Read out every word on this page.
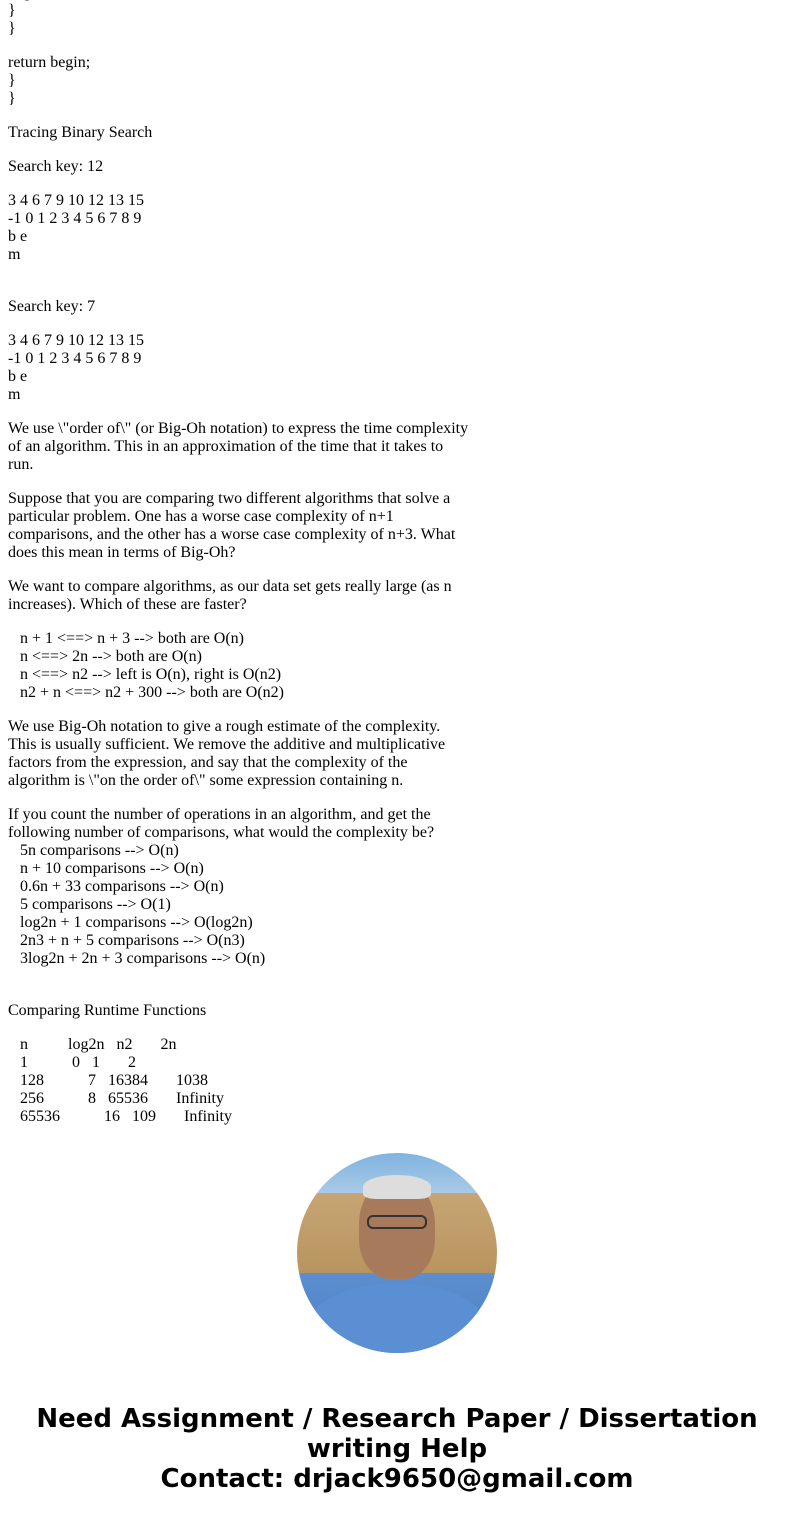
}
}
return begin;
}
}
Tracing Binary Search
Search key: 12
3 4 6 7 9 10 12 13 15
-1 0 1 2 3 4 5 6 7 8 9
b e
m
Search key: 7
3 4 6 7 9 10 12 13 15
-1 0 1 2 3 4 5 6 7 8 9
b e
m
We use \"order of\" (or Big-Oh notation) to express the time complexity
of an algorithm. This in an approximation of the time that it takes to
run.
Suppose that you are comparing two different algorithms that solve a
particular problem. One has a worse case complexity of n+1
comparisons, and the other has a worse case complexity of n+3. What
does this mean in terms of Big-Oh?
We want to compare algorithms, as our data set gets really large (as n
increases). Which of these are faster?
n + 1 <==> n + 3 --> both are O(n)
n <==> 2n --> both are O(n)
n <==> n2 --> left is O(n), right is O(n2)
n2 + n <==> n2 + 300 --> both are O(n2)
We use Big-Oh notation to give a rough estimate of the complexity.
This is usually sufficient. We remove the additive and multiplicative
factors from the expression, and say that the complexity of the
algorithm is \"on the order of\" some expression containing n.
If you count the number of operations in an algorithm, and get the
following number of comparisons, what would the complexity be?
5n comparisons --> O(n)
n + 10 comparisons --> O(n)
0.6n + 33 comparisons --> O(n)
5 comparisons --> O(1)
log2n + 1 comparisons --> O(log2n)
2n3 + n + 5 comparisons --> O(n3)
3log2n + 2n + 3 comparisons --> O(n)
Comparing Runtime Functions
n          log2n   n2       2n
1           0   1       2
128           7   16384       1038
256           8   65536       Infinity
65536           16   109       Infinity
Need Assignment / Research Paper / Dissertation
writing Help
Contact: drjack9650@gmail.com
